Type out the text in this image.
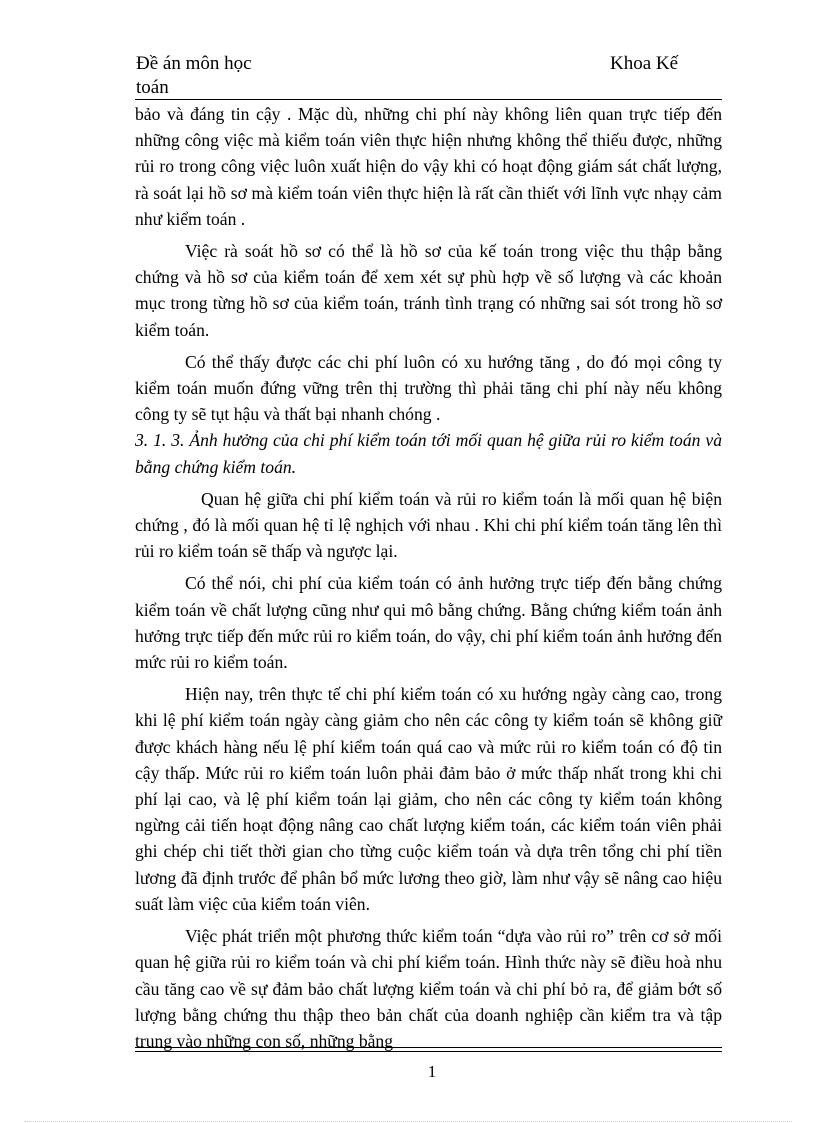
Đề án môn học toán
Khoa Kế

bảo và đáng tin cậy . Mặc dù, những chi phí này không liên quan trực tiếp đến những công việc mà kiểm toán viên thực hiện nhưng không thể thiếu được, những rủi ro trong công việc luôn xuất hiện do vậy khi có hoạt động giám sát chất lượng, rà soát lại hồ sơ mà kiểm toán viên thực hiện là rất cần thiết với lĩnh vực nhạy cảm như kiểm toán .

Việc rà soát hồ sơ có thể là hồ sơ của kế toán trong việc thu thập bằng chứng và hồ sơ của kiểm toán để xem xét sự phù hợp về số lượng và các khoản mục trong từng hồ sơ của kiểm toán, tránh tình trạng có những sai sót trong hồ sơ kiểm toán.

Có thể thấy được các chi phí luôn có xu hướng tăng , do đó mọi công ty kiểm toán muốn đứng vững trên thị trường thì phải tăng chi phí này nếu không công ty sẽ tụt hậu và thất bại nhanh chóng .

3. 1. 3. Ảnh hưởng của chi phí kiểm toán tới mối quan hệ giữa rủi ro kiểm toán và bằng chứng kiểm toán.

Quan hệ giữa chi phí kiểm toán và rủi ro kiểm toán là mối quan hệ biện chứng , đó là mối quan hệ tỉ lệ nghịch với nhau . Khi chi phí kiểm toán tăng lên thì rủi ro kiểm toán sẽ thấp và ngược lại.

Có thể nói, chi phí của kiểm toán có ảnh hưởng trực tiếp đến bằng chứng kiểm toán về chất lượng cũng như qui mô bằng chứng. Bằng chứng kiểm toán ảnh hưởng trực tiếp đến mức rủi ro kiểm toán, do vậy, chi phí kiểm toán ảnh hưởng đến mức rủi ro kiểm toán.

Hiện nay, trên thực tế chi phí kiểm toán có xu hướng ngày càng cao, trong khi lệ phí kiểm toán ngày càng giảm cho nên các công ty kiểm toán sẽ không giữ được khách hàng nếu lệ phí kiểm toán quá cao và mức rủi ro kiểm toán có độ tin cậy thấp. Mức rủi ro kiểm toán luôn phải đảm bảo ở mức thấp nhất trong khi chi phí lại cao, và lệ phí kiểm toán lại giảm, cho nên các công ty kiểm toán không ngừng cải tiến hoạt động nâng cao chất lượng kiểm toán, các kiểm toán viên phải ghi chép chi tiết thời gian cho từng cuộc kiểm toán và dựa trên tổng chi phí tiền lương đã định trước để phân bổ mức lương theo giờ, làm như vậy sẽ nâng cao hiệu suất làm việc của kiểm toán viên.

Việc phát triển một phương thức kiểm toán “dựa vào rủi ro” trên cơ sở mối quan hệ giữa rủi ro kiểm toán và chi phí kiểm toán. Hình thức này sẽ điều hoà nhu cầu tăng cao về sự đảm bảo chất lượng kiểm toán và chi phí bỏ ra, để giảm bớt số lượng bằng chứng thu thập theo bản chất của doanh nghiệp cần kiểm tra và tập trung vào những con số, những bằng

1
